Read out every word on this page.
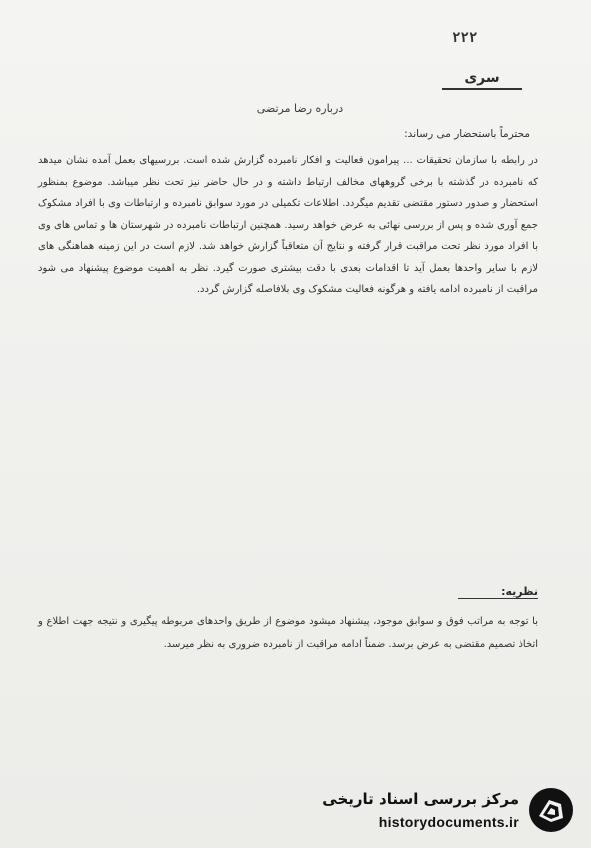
۲۲۲
سری
درباره رضا مرتضی
محترماً باستحضار می رساند:
در رابطه با سازمان تحقیقات ... پیرامون فعالیت و افکار نامبرده گزارش شده است. بررسیهای بعمل آمده نشان میدهد که نامبرده در گذشته با برخی گروههای مخالف ارتباط داشته و در حال حاضر نیز تحت نظر میباشد. موضوع بمنظور استحضار و صدور دستور مقتضی تقدیم میگردد. اطلاعات تکمیلی در مورد سوابق نامبرده و ارتباطات وی با افراد مشکوک جمع آوری شده و پس از بررسی نهائی به عرض خواهد رسید. همچنین ارتباطات نامبرده در شهرستان ها و تماس های وی با افراد مورد نظر تحت مراقبت قرار گرفته و نتایج آن متعاقباً گزارش خواهد شد. لازم است در این زمینه هماهنگی های لازم با سایر واحدها بعمل آید تا اقدامات بعدی با دقت بیشتری صورت گیرد. نظر به اهمیت موضوع پیشنهاد می شود مراقبت از نامبرده ادامه یافته و هرگونه فعالیت مشکوک وی بلافاصله گزارش گردد.
نظریه:
با توجه به مراتب فوق و سوابق موجود، پیشنهاد میشود موضوع از طریق واحدهای مربوطه پیگیری و نتیجه جهت اطلاع و اتخاذ تصمیم مقتضی به عرض برسد. ضمناً ادامه مراقبت از نامبرده ضروری به نظر میرسد.
مرکز بررسی اسناد تاریخی
historydocuments.ir
